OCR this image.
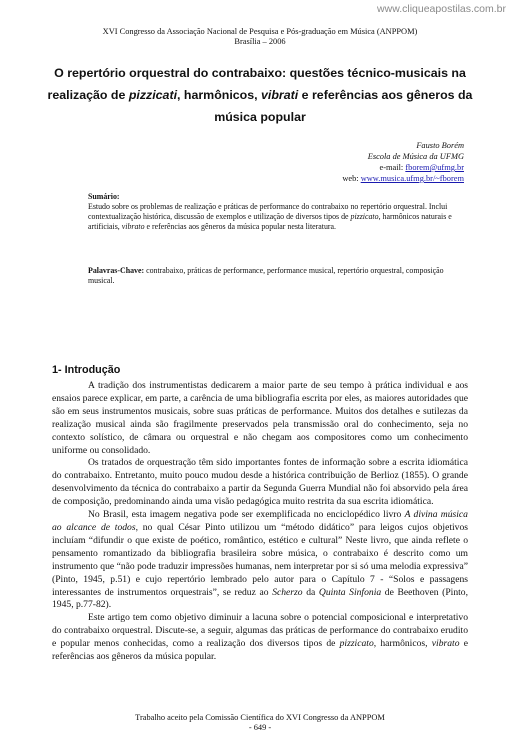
www.cliqueapostilas.com.br
XVI Congresso da Associação Nacional de Pesquisa e Pós-graduação em Música (ANPPOM)
Brasília – 2006
O repertório orquestral do contrabaixo: questões técnico-musicais na realização de pizzicati, harmônicos, vibrati e referências aos gêneros da música popular
Fausto Borém
Escola de Música da UFMG
e-mail: fborem@ufmg.br
web: www.musica.ufmg.br/~fborem
Sumário:
Estudo sobre os problemas de realização e práticas de performance do contrabaixo no repertório orquestral. Inclui contextualização histórica, discussão de exemplos e utilização de diversos tipos de pizzicato, harmônicos naturais e artificiais, vibrato e referências aos gêneros da música popular nesta literatura.
Palavras-Chave: contrabaixo, práticas de performance, performance musical, repertório orquestral, composição musical.
1- Introdução

A tradição dos instrumentistas dedicarem a maior parte de seu tempo à prática individual e aos ensaios parece explicar, em parte, a carência de uma bibliografia escrita por eles, as maiores autoridades que são em seus instrumentos musicais, sobre suas práticas de performance. Muitos dos detalhes e sutilezas da realização musical ainda são fragilmente preservados pela transmissão oral do conhecimento, seja no contexto solístico, de câmara ou orquestral e não chegam aos compositores como um conhecimento uniforme ou consolidado.

Os tratados de orquestração têm sido importantes fontes de informação sobre a escrita idiomática do contrabaixo. Entretanto, muito pouco mudou desde a histórica contribuição de Berlioz (1855). O grande desenvolvimento da técnica do contrabaixo a partir da Segunda Guerra Mundial não foi absorvido pela área de composição, predominando ainda uma visão pedagógica muito restrita da sua escrita idiomática.

No Brasil, esta imagem negativa pode ser exemplificada no enciclopédico livro A divina música ao alcance de todos, no qual César Pinto utilizou um “método didático” para leigos cujos objetivos incluíam “difundir o que existe de poético, romântico, estético e cultural” Neste livro, que ainda reflete o pensamento romantizado da bibliografia brasileira sobre música, o contrabaixo é descrito como um instrumento que “não pode traduzir impressões humanas, nem interpretar por si só uma melodia expressiva” (Pinto, 1945, p.51) e cujo repertório lembrado pelo autor para o Capítulo 7 - “Solos e passagens interessantes de instrumentos orquestrais”, se reduz ao Scherzo da Quinta Sinfonia de Beethoven (Pinto, 1945, p.77-82).

Este artigo tem como objetivo diminuir a lacuna sobre o potencial composicional e interpretativo do contrabaixo orquestral. Discute-se, a seguir, algumas das práticas de performance do contrabaixo erudito e popular menos conhecidas, como a realização dos diversos tipos de pizzicato, harmônicos, vibrato e referências aos gêneros da música popular.

Trabalho aceito pela Comissão Científica do XVI Congresso da ANPPOM
- 649 -
